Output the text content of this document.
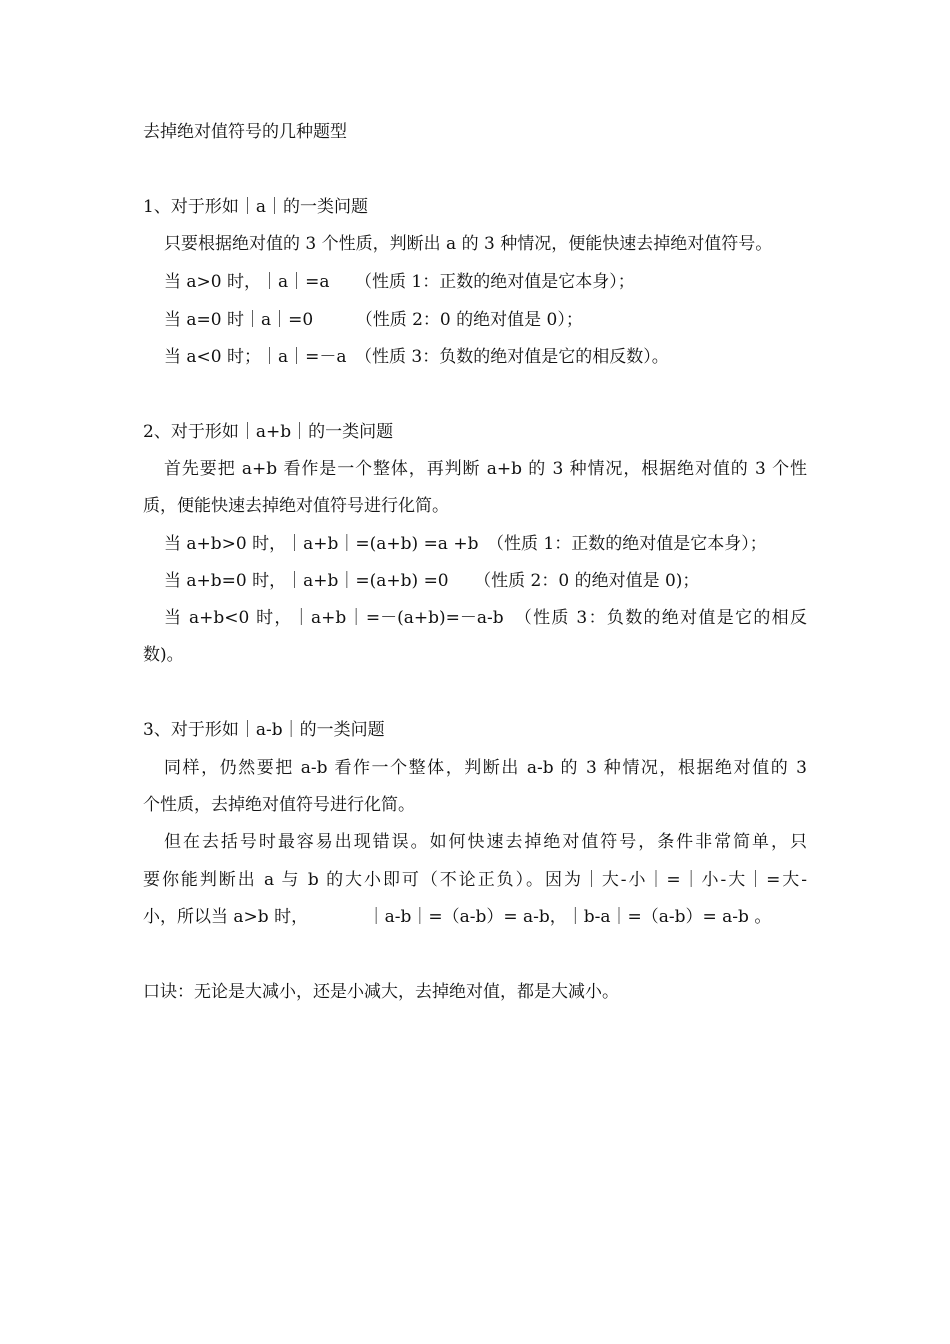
去掉绝对值符号的几种题型
1、对于形如｜a｜的一类问题
只要根据绝对值的 3 个性质，判断出 a 的 3 种情况，便能快速去掉绝对值符号。
当 a>0 时，｜a｜=a　　（性质 1：正数的绝对值是它本身）；
当 a=0 时｜a｜=0　　　（性质 2：0 的绝对值是 0）；
当 a<0 时；｜a｜=－a　（性质 3：负数的绝对值是它的相反数）。
2、对于形如｜a+b｜的一类问题
首先要把 a+b 看作是一个整体，再判断 a+b 的 3 种情况，根据绝对值的 3 个性
质，便能快速去掉绝对值符号进行化简。
当 a+b>0 时，｜a+b｜=(a+b) =a +b　（性质 1：正数的绝对值是它本身）；
当 a+b=0 时，｜a+b｜=(a+b) =0　　（性质 2：0 的绝对值是 0)；
当 a+b<0 时，｜a+b｜=－(a+b)=－a-b　（性质 3：负数的绝对值是它的相反
数)。
3、对于形如｜a-b｜的一类问题
同样，仍然要把 a-b 看作一个整体，判断出 a-b 的 3 种情况，根据绝对值的 3
个性质，去掉绝对值符号进行化简。
但在去括号时最容易出现错误。如何快速去掉绝对值符号，条件非常简单，只
要你能判断出 a 与 b 的大小即可（不论正负）。因为｜大-小｜=｜小-大｜=大-
小，所以当 a>b 时，　　　　｜a-b｜=（a-b）= a-b，｜b-a｜=（a-b）= a-b 。
口诀：无论是大减小，还是小减大，去掉绝对值，都是大减小。
